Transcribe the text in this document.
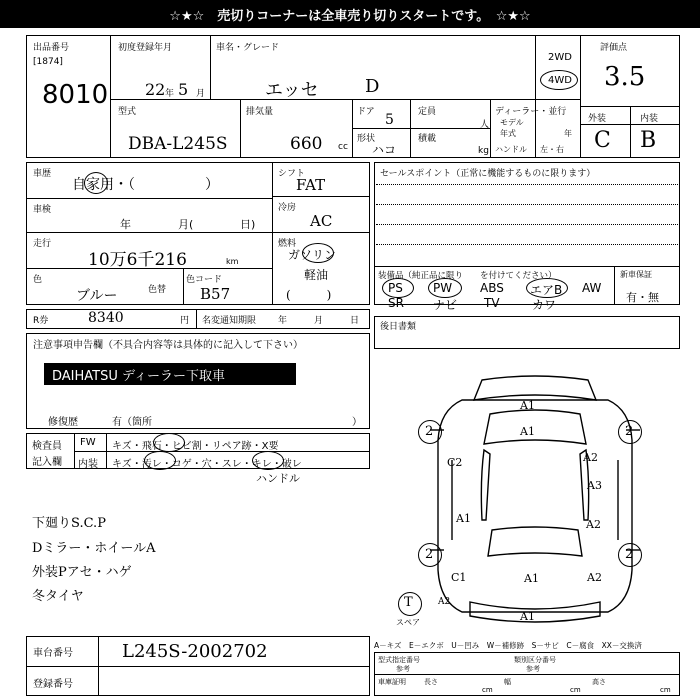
☆★☆　売切りコーナーは全車売り切りスタートです。　☆★☆
出品番号
[1874]
8010
初度登録年月
22 年 5 月
車名・グレード
エッセ	D
2WD
4WD
評価点
3.5
外装	内装
C B
型式
DBA-L245S
排気量
660 cc
ドア 5
形状
ハコ
定員
人
積載
kg
ディーラー・並行
モデル
年式	年
ハンドル 左・右
車歴
自家用・（　　　　　）
車検
年	月(	日)
走行
10万6千216	km
色
ブルー	色替
色コード
B57
シフト
FAT
冷房
AC
燃料
ガソリン
軽油
(　　　)
セールスポイント（正常に機能するものに限ります）
装備品（純正品に限り　　を付けてください）	新車保証
有・無
PS	PW ABS エアB AW
SR ナビ TV	カワ
R券	8340	円 名変通知期限 年	月	日
後日書類
注意事項申告欄（不具合内容等は具体的に記入して下さい）
DAIHATSU ディーラー下取車
修復歴	有（箇所	）
検査員
記入欄
FW キズ・飛石・ヒビ割・リペア跡・X要
内装 キズ・汚レ・コゲ・穴・スレ・キレ・破レ
ハンドル
下廻りS.C.P
Dミラー・ホイールA
外装Pアセ・ハゲ
冬タイヤ
2	2
2	2
A1
A1
A1
A1
A2
A2
A3
C2
C1
A2
A2
A1
T
スペア
車台番号	L245S-2002702
登録番号
A－キズ　E－エクボ　U－凹み　W－補修跡　S－サビ　C－腐食　XX－交換済
型式指定番号	類別区分番号
参考	参考
車庫証明	長さ	幅	高さ
cm	cm	cm
